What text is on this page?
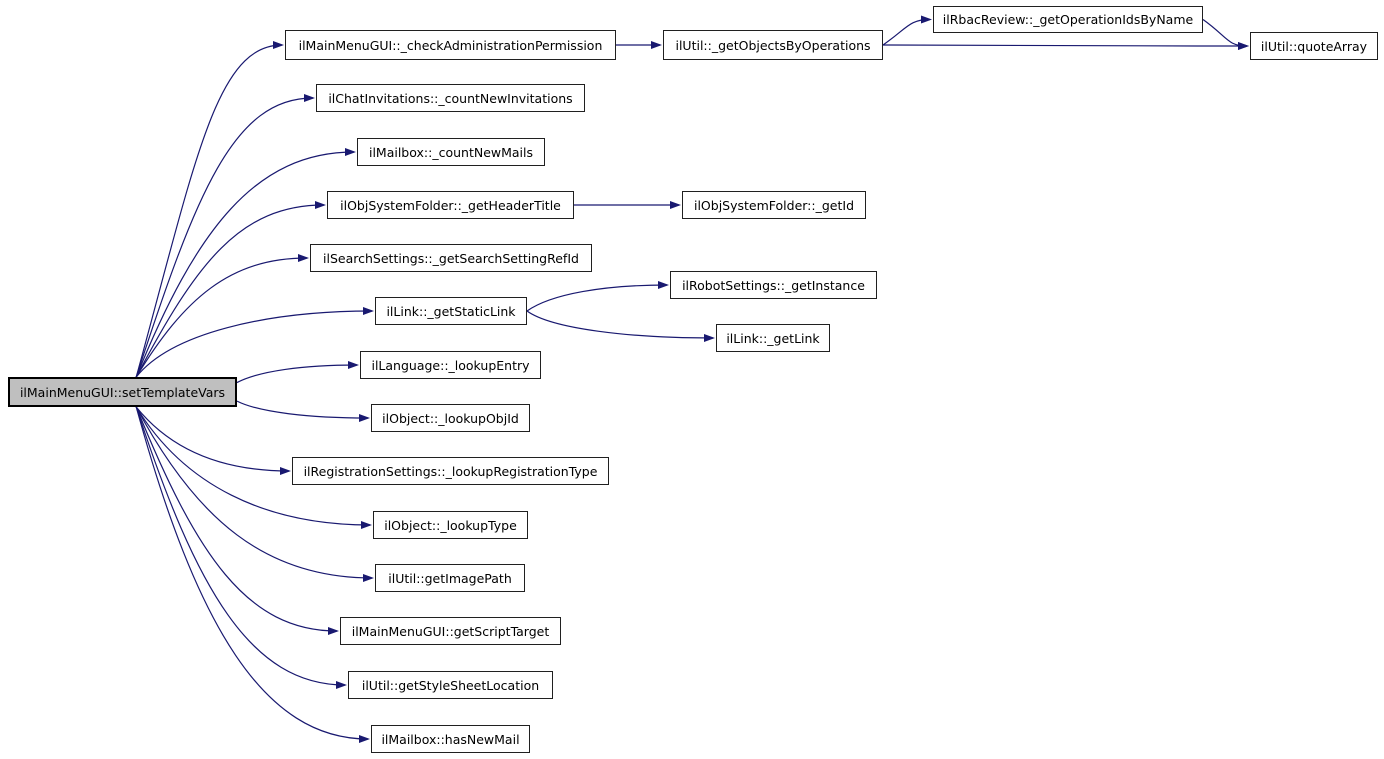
ilMainMenuGUI::setTemplateVars
ilMainMenuGUI::_checkAdministrationPermission	ilUtil::_getObjectsByOperations
ilRbacReview::_getOperationIdsByName
ilUtil::quoteArray
ilChatInvitations::_countNewInvitations
ilMailbox::_countNewMails
ilObjSystemFolder::_getHeaderTitle	ilObjSystemFolder::_getId
ilSearchSettings::_getSearchSettingRefId
ilLink::_getStaticLink
ilRobotSettings::_getInstance
ilLink::_getLink
ilLanguage::_lookupEntry
ilObject::_lookupObjId
ilRegistrationSettings::_lookupRegistrationType
ilObject::_lookupType
ilUtil::getImagePath
ilMainMenuGUI::getScriptTarget
ilUtil::getStyleSheetLocation
ilMailbox::hasNewMail
